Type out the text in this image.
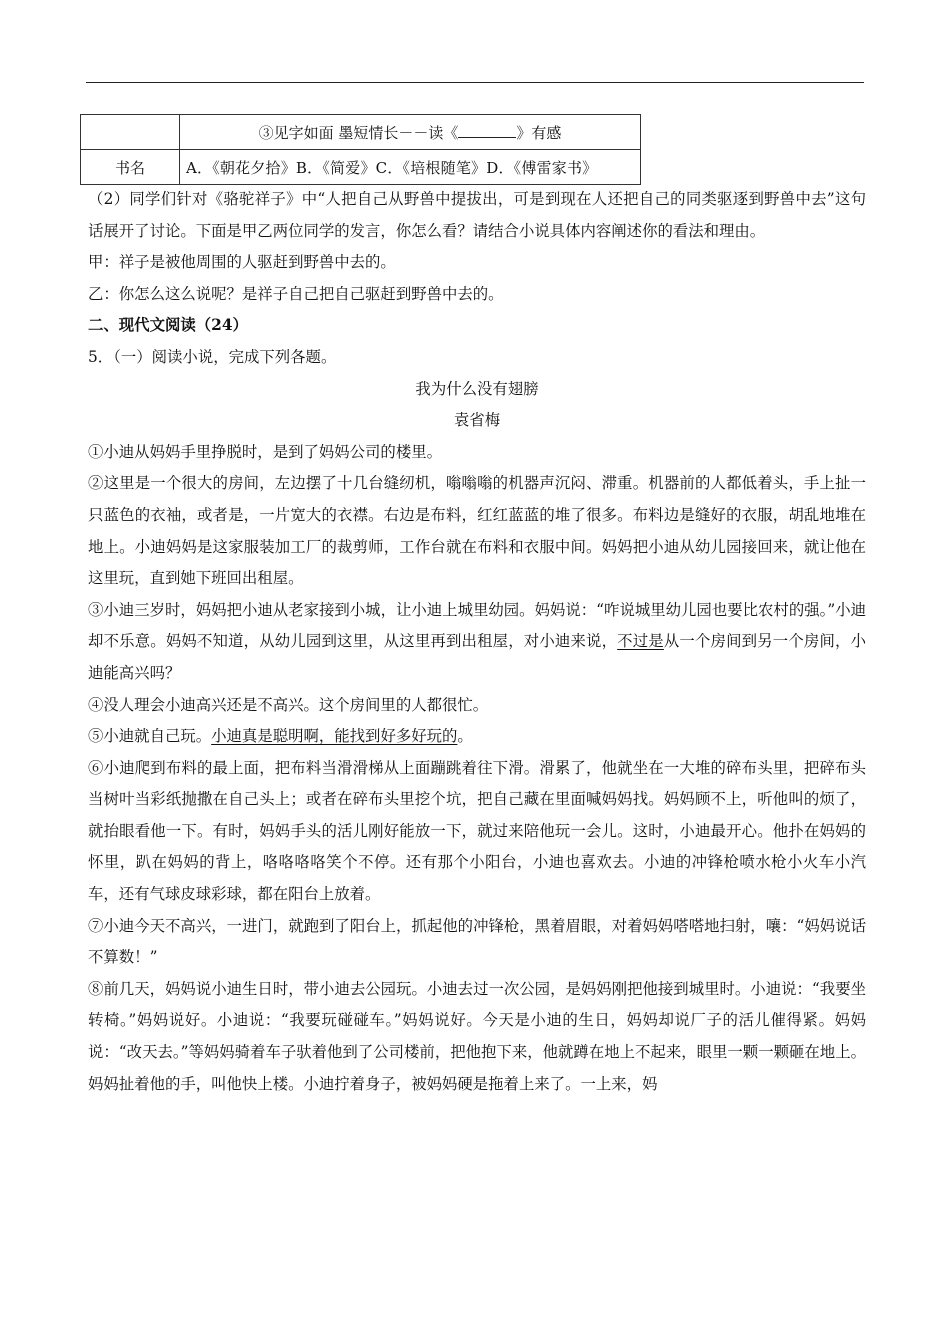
	③见字如面 墨短情长－－读《 》有感
书名	A．《朝花夕拾》B．《简爱》C．《培根随笔》D．《傅雷家书》

（2）同学们针对《骆驼祥子》中“人把自己从野兽中提拔出，可是到现在人还把自己的同类驱逐到野兽中去”这句话展开了讨论。下面是甲乙两位同学的发言，你怎么看？请结合小说具体内容阐述你的看法和理由。

甲：祥子是被他周围的人驱赶到野兽中去的。

乙：你怎么这么说呢？是祥子自己把自己驱赶到野兽中去的。

二、现代文阅读（24）

5．（一）阅读小说，完成下列各题。

我为什么没有翅膀

袁省梅

①小迪从妈妈手里挣脱时，是到了妈妈公司的楼里。

②这里是一个很大的房间，左边摆了十几台缝纫机，嗡嗡嗡的机器声沉闷、滞重。机器前的人都低着头，手上扯一只蓝色的衣袖，或者是，一片宽大的衣襟。右边是布料，红红蓝蓝的堆了很多。布料边是缝好的衣服，胡乱地堆在地上。小迪妈妈是这家服装加工厂的裁剪师，工作台就在布料和衣服中间。妈妈把小迪从幼儿园接回来，就让他在这里玩，直到她下班回出租屋。

③小迪三岁时，妈妈把小迪从老家接到小城，让小迪上城里幼园。妈妈说：“咋说城里幼儿园也要比农村的强。”小迪却不乐意。妈妈不知道，从幼儿园到这里，从这里再到出租屋，对小迪来说，不过是从一个房间到另一个房间，小迪能高兴吗？

④没人理会小迪高兴还是不高兴。这个房间里的人都很忙。

⑤小迪就自己玩。小迪真是聪明啊，能找到好多好玩的。

⑥小迪爬到布料的最上面，把布料当滑滑梯从上面蹦跳着往下滑。滑累了，他就坐在一大堆的碎布头里，把碎布头当树叶当彩纸抛撒在自己头上；或者在碎布头里挖个坑，把自己藏在里面喊妈妈找。妈妈顾不上，听他叫的烦了，就抬眼看他一下。有时，妈妈手头的活儿刚好能放一下，就过来陪他玩一会儿。这时，小迪最开心。他扑在妈妈的怀里，趴在妈妈的背上，咯咯咯咯笑个不停。还有那个小阳台，小迪也喜欢去。小迪的冲锋枪喷水枪小火车小汽车，还有气球皮球彩球，都在阳台上放着。

⑦小迪今天不高兴，一进门，就跑到了阳台上，抓起他的冲锋枪，黑着眉眼，对着妈妈嗒嗒地扫射，嚷：“妈妈说话不算数！”

⑧前几天，妈妈说小迪生日时，带小迪去公园玩。小迪去过一次公园，是妈妈刚把他接到城里时。小迪说：“我要坐转椅。”妈妈说好。小迪说：“我要玩碰碰车。”妈妈说好。今天是小迪的生日，妈妈却说厂子的活儿催得紧。妈妈说：“改天去。”等妈妈骑着车子驮着他到了公司楼前，把他抱下来，他就蹲在地上不起来，眼里一颗一颗砸在地上。妈妈扯着他的手，叫他快上楼。小迪拧着身子，被妈妈硬是拖着上来了。一上来，妈
